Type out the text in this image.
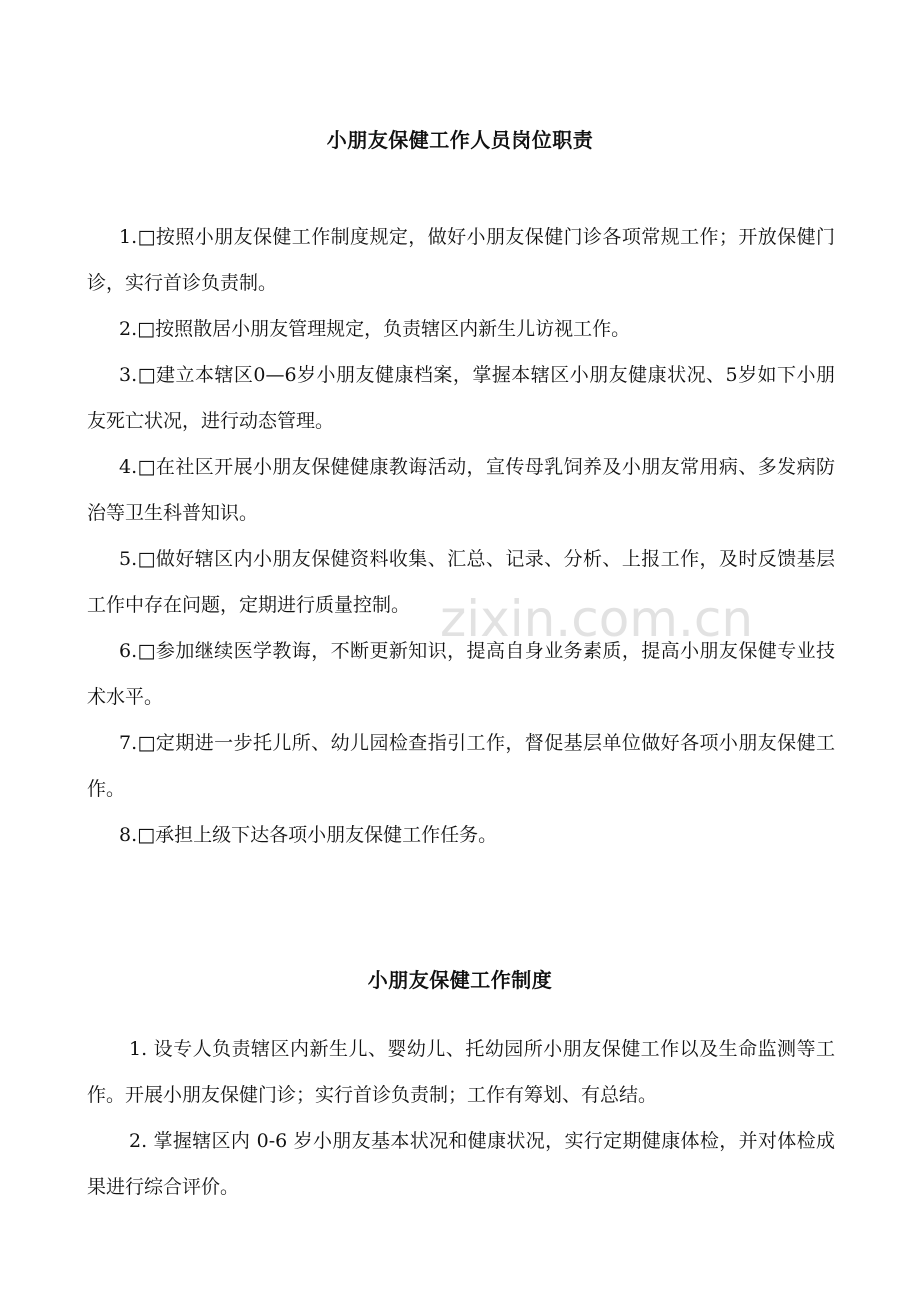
zixin.com.cn
小朋友保健工作人员岗位职责

1.□按照小朋友保健工作制度规定，做好小朋友保健门诊各项常规工作；开放保健门诊，实行首诊负责制。

2.□按照散居小朋友管理规定，负责辖区内新生儿访视工作。

3.□建立本辖区0—6岁小朋友健康档案，掌握本辖区小朋友健康状况、5岁如下小朋友死亡状况，进行动态管理。

4.□在社区开展小朋友保健健康教诲活动，宣传母乳饲养及小朋友常用病、多发病防治等卫生科普知识。

5.□做好辖区内小朋友保健资料收集、汇总、记录、分析、上报工作，及时反馈基层工作中存在问题，定期进行质量控制。

6.□参加继续医学教诲，不断更新知识，提高自身业务素质，提高小朋友保健专业技术水平。

7.□定期进一步托儿所、幼儿园检查指引工作，督促基层单位做好各项小朋友保健工作。

8.□承担上级下达各项小朋友保健工作任务。

小朋友保健工作制度

1. 设专人负责辖区内新生儿、婴幼儿、托幼园所小朋友保健工作以及生命监测等工作。开展小朋友保健门诊；实行首诊负责制；工作有筹划、有总结。

2. 掌握辖区内 0-6 岁小朋友基本状况和健康状况，实行定期健康体检，并对体检成果进行综合评价。
